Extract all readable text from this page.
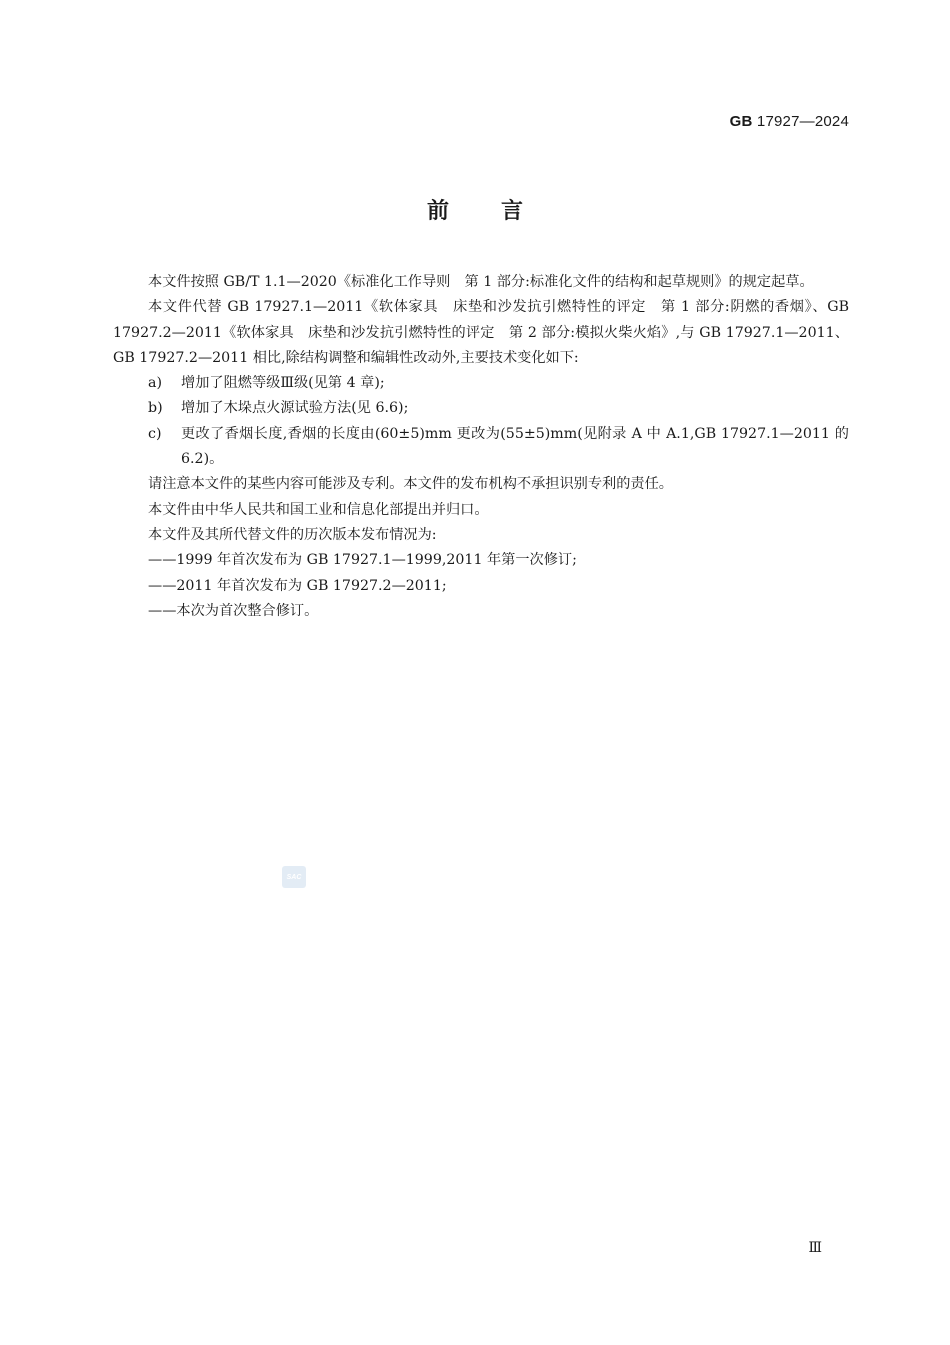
GB 17927—2024
前言

本文件按照 GB/T 1.1—2020《标准化工作导则　第 1 部分:标准化文件的结构和起草规则》的规定起草。

本文件代替 GB 17927.1—2011《软体家具　床垫和沙发抗引燃特性的评定　第 1 部分:阴燃的香烟》、GB 17927.2—2011《软体家具　床垫和沙发抗引燃特性的评定　第 2 部分:模拟火柴火焰》,与 GB 17927.1—2011、GB 17927.2—2011 相比,除结构调整和编辑性改动外,主要技术变化如下:

a)	增加了阻燃等级Ⅲ级(见第 4 章);
b)	增加了木垛点火源试验方法(见 6.6);
c)	更改了香烟长度,香烟的长度由(60±5)mm 更改为(55±5)mm(见附录 A 中 A.1,GB 17927.1—2011 的 6.2)。

请注意本文件的某些内容可能涉及专利。本文件的发布机构不承担识别专利的责任。

本文件由中华人民共和国工业和信息化部提出并归口。

本文件及其所代替文件的历次版本发布情况为:

——1999 年首次发布为 GB 17927.1—1999,2011 年第一次修订;

——2011 年首次发布为 GB 17927.2—2011;

——本次为首次整合修订。

SAC
Ⅲ
